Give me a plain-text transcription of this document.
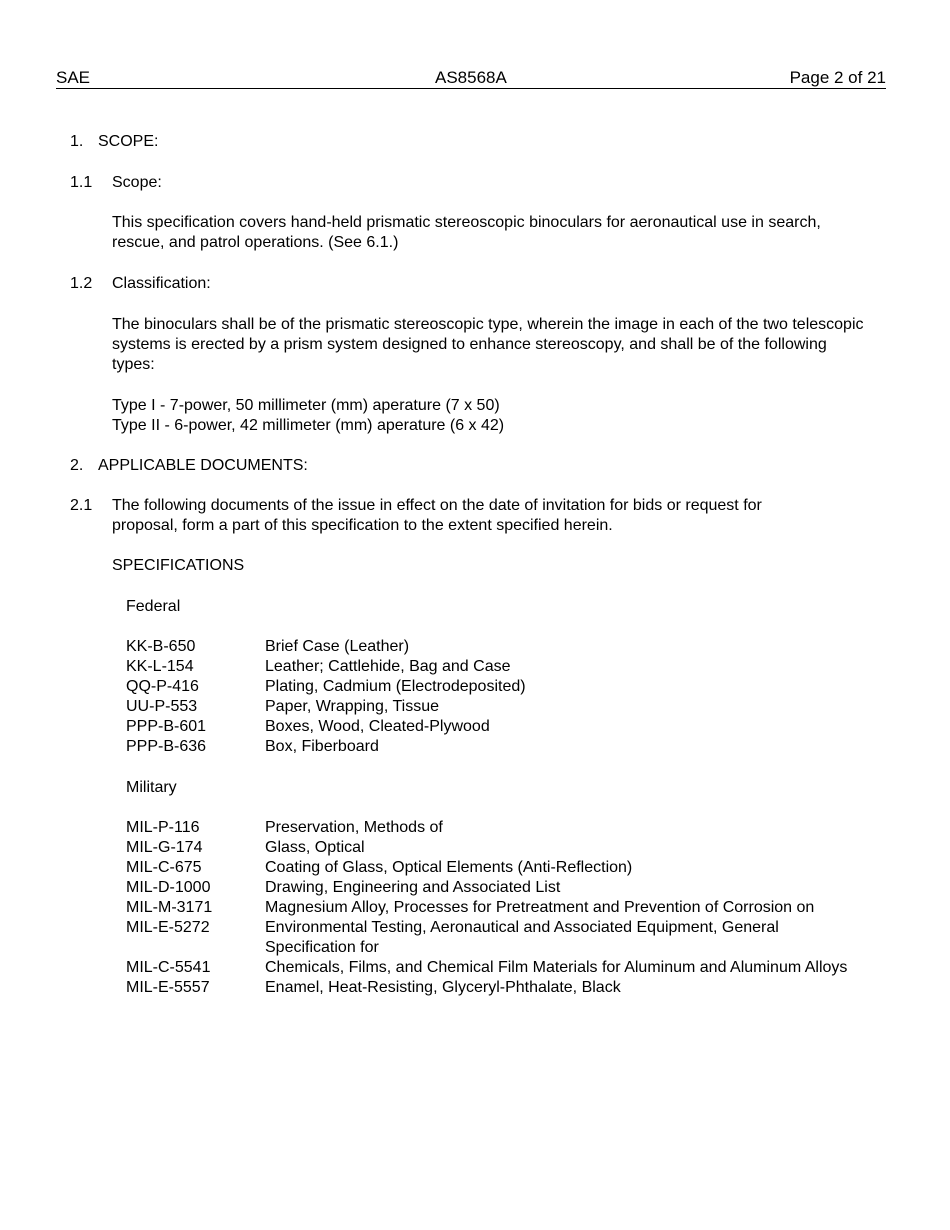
SAE	AS8568A	Page 2 of 21
1. SCOPE:
1.1 Scope:
This specification covers hand-held prismatic stereoscopic binoculars for aeronautical use in search, rescue, and patrol operations. (See 6.1.)
1.2 Classification:
The binoculars shall be of the prismatic stereoscopic type, wherein the image in each of the two telescopic systems is erected by a prism system designed to enhance stereoscopy, and shall be of the following types:
Type I - 7-power, 50 millimeter (mm) aperature (7 x 50)
Type II - 6-power, 42 millimeter (mm) aperature (6 x 42)
2. APPLICABLE DOCUMENTS:
2.1 The following documents of the issue in effect on the date of invitation for bids or request for proposal, form a part of this specification to the extent specified herein.
SPECIFICATIONS
Federal
KK-B-650	Brief Case (Leather)
KK-L-154	Leather; Cattlehide, Bag and Case
QQ-P-416	Plating, Cadmium (Electrodeposited)
UU-P-553	Paper, Wrapping, Tissue
PPP-B-601	Boxes, Wood, Cleated-Plywood
PPP-B-636	Box, Fiberboard
Military
MIL-P-116	Preservation, Methods of
MIL-G-174	Glass, Optical
MIL-C-675	Coating of Glass, Optical Elements (Anti-Reflection)
MIL-D-1000	Drawing, Engineering and Associated List
MIL-M-3171	Magnesium Alloy, Processes for Pretreatment and Prevention of Corrosion on
MIL-E-5272	Environmental Testing, Aeronautical and Associated Equipment, General Specification for
MIL-C-5541	Chemicals, Films, and Chemical Film Materials for Aluminum and Aluminum Alloys
MIL-E-5557	Enamel, Heat-Resisting, Glyceryl-Phthalate, Black
